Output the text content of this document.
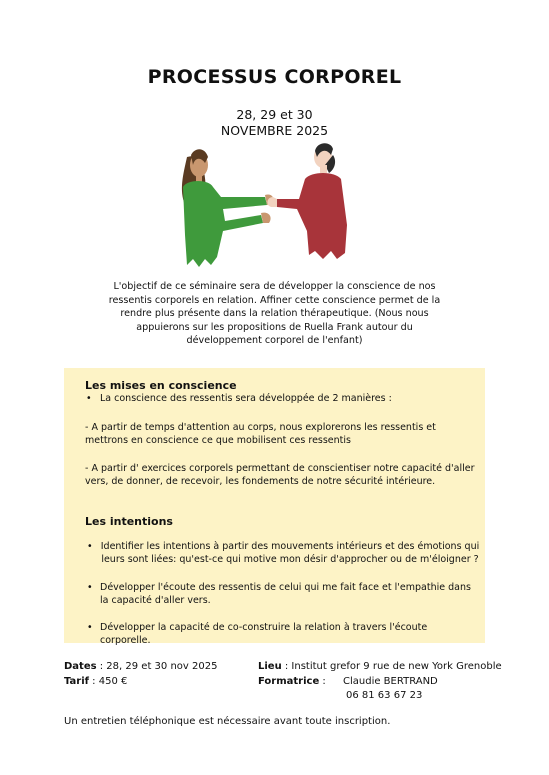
PROCESSUS CORPOREL
28, 29 et 30
NOVEMBRE 2025
L'objectif de ce séminaire sera de développer la conscience de nos ressentis corporels en relation. Affiner cette conscience permet de la rendre plus présente dans la relation thérapeutique. (Nous nous appuierons sur les propositions de Ruella Frank autour du développement corporel de l'enfant)
Les mises en conscience
• La conscience des ressentis sera développée de 2 manières :
- A partir de temps d'attention au corps, nous explorerons les ressentis et mettrons en conscience ce que mobilisent ces ressentis
- A partir d' exercices corporels permettant de conscientiser notre capacité d'aller vers, de donner, de recevoir, les fondements de notre sécurité intérieure.
Les intentions
• Identifier les intentions à partir des mouvements intérieurs et des émotions qui leurs sont liées: qu'est-ce qui motive mon désir d'approcher ou de m'éloigner ?
• Développer l'écoute des ressentis de celui qui me fait face et l'empathie dans la capacité d'aller vers.
• Développer la capacité de co-construire la relation à travers l'écoute corporelle.
Dates : 28, 29 et 30 nov 2025
Tarif : 450 €
Lieu : Institut grefor 9 rue de new York Grenoble
Formatrice : Claudie BERTRAND
06 81 63 67 23
Un entretien téléphonique est nécessaire avant toute inscription.
